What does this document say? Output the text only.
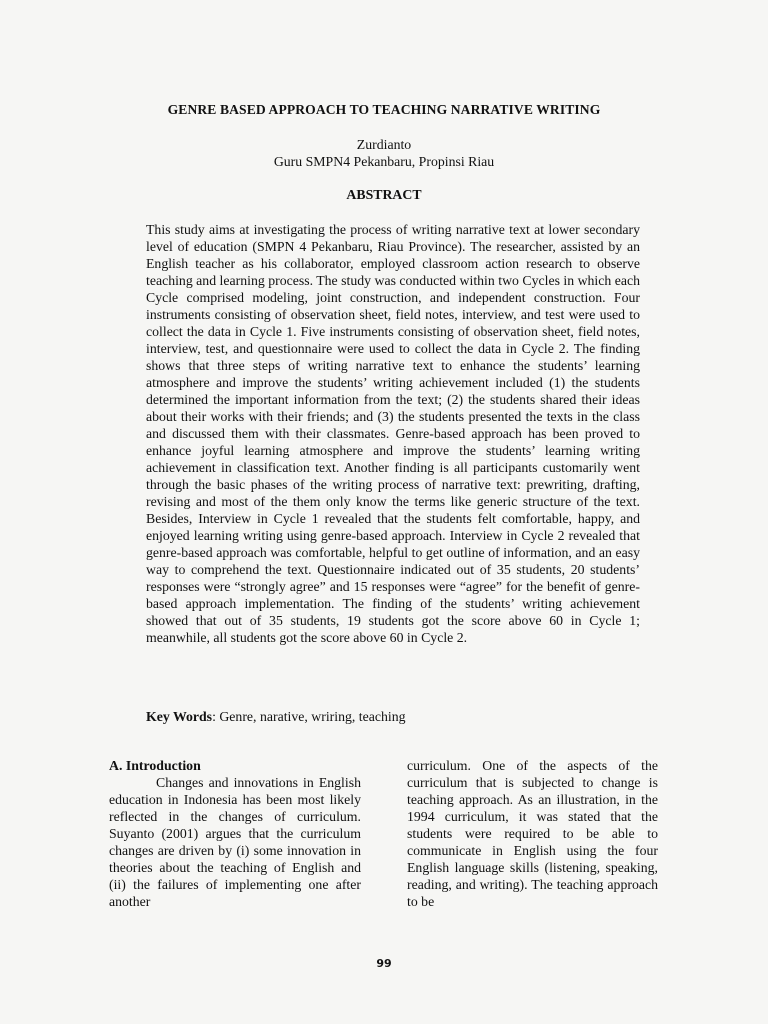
GENRE BASED APPROACH TO TEACHING NARRATIVE WRITING
Zurdianto
Guru SMPN4 Pekanbaru, Propinsi Riau
ABSTRACT

This study aims at investigating the process of writing narrative text at lower secondary level of education (SMPN 4 Pekanbaru, Riau Province). The researcher, assisted by an English teacher as his collaborator, employed classroom action research to observe teaching and learning process. The study was conducted within two Cycles in which each Cycle comprised modeling, joint construction, and independent construction. Four instruments consisting of observation sheet, field notes, interview, and test were used to collect the data in Cycle 1. Five instruments consisting of observation sheet, field notes, interview, test, and questionnaire were used to collect the data in Cycle 2. The finding shows that three steps of writing narrative text to enhance the students’ learning atmosphere and improve the students’ writing achievement included (1) the students determined the important information from the text; (2) the students shared their ideas about their works with their friends; and (3) the students presented the texts in the class and discussed them with their classmates. Genre-based approach has been proved to enhance joyful learning atmosphere and improve the students’ learning writing achievement in classification text. Another finding is all participants customarily went through the basic phases of the writing process of narrative text: prewriting, drafting, revising and most of the them only know the terms like generic structure of the text. Besides, Interview in Cycle 1 revealed that the students felt comfortable, happy, and enjoyed learning writing using genre-based approach. Interview in Cycle 2 revealed that genre-based approach was comfortable, helpful to get outline of information, and an easy way to comprehend the text. Questionnaire indicated out of 35 students, 20 students’ responses were “strongly agree” and 15 responses were “agree” for the benefit of genre-based approach implementation. The finding of the students’ writing achievement showed that out of 35 students, 19 students got the score above 60 in Cycle 1; meanwhile, all students got the score above 60 in Cycle 2.

Key Words: Genre, narative, wriring, teaching

A. Introduction

Changes and innovations in English education in Indonesia has been most likely reflected in the changes of curriculum. Suyanto (2001) argues that the curriculum changes are driven by (i) some innovation in theories about the teaching of English and (ii) the failures of implementing one after another

curriculum. One of the aspects of the curriculum that is subjected to change is teaching approach. As an illustration, in the 1994 curriculum, it was stated that the students were required to be able to communicate in English using the four English language skills (listening, speaking, reading, and writing). The teaching approach to be

99
